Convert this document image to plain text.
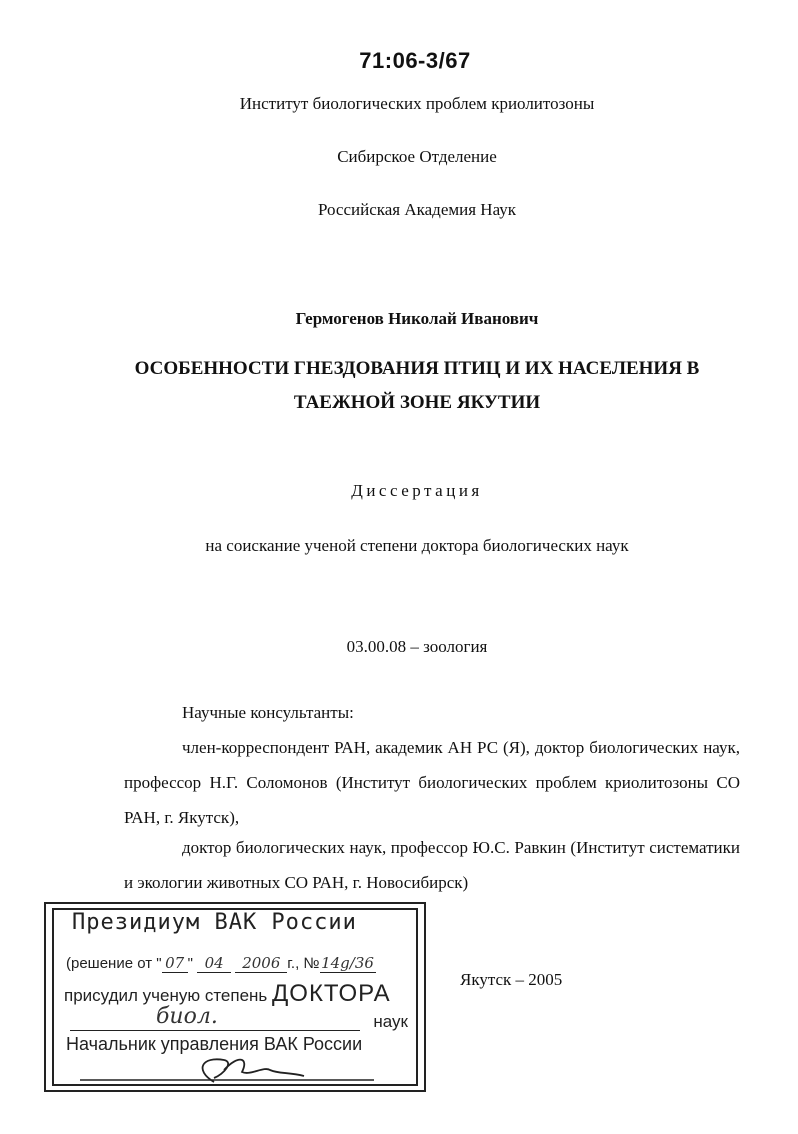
71:06-3/67
Институт биологических проблем криолитозоны
Сибирское Отделение
Российская Академия Наук
Гермогенов Николай Иванович
ОСОБЕННОСТИ ГНЕЗДОВАНИЯ ПТИЦ И ИХ НАСЕЛЕНИЯ В
ТАЕЖНОЙ ЗОНЕ ЯКУТИИ
Диссертация
на соискание ученой степени доктора биологических наук
03.00.08 – зоология
Научные консультанты:
член-корреспондент РАН, академик АН РС (Я), доктор биологических наук, профессор Н.Г. Соломонов (Институт биологических проблем криолитозоны СО РАН, г. Якутск),
доктор биологических наук, профессор Ю.С. Равкин (Институт систематики и экологии животных СО РАН, г. Новосибирск)
Якутск – 2005
Президиум ВАК России
(решение от " 07 " 04 2006 г., № 14g/36
присудил ученую степень ДОКТОРА
биол.	наук
Начальник управления ВАК России
